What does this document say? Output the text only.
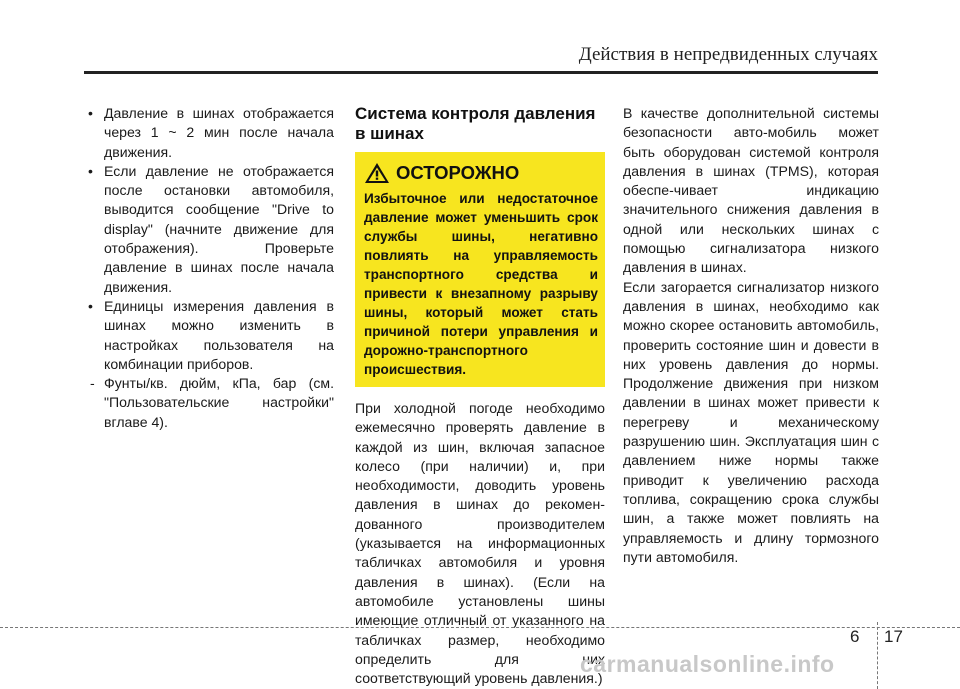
Действия в непредвиденных случаях
• Давление в шинах отображается через 1 ~ 2 мин после начала движения.
• Если давление не отображается после остановки автомобиля, выводится сообщение "Drive to display" (начните движение для отображения). Проверьте давление в шинах после начала движения.
• Единицы измерения давления в шинах можно изменить в настройках пользователя на комбинации приборов.
- Фунты/кв. дюйм, кПа, бар (см. "Пользовательские настройки" вглаве 4).
Система контроля давления в шинах
ОСТОРОЖНО
Избыточное или недостаточное давление может уменьшить срок службы шины, негативно повлиять на управляемость транспортного средства и привести к внезапному разрыву шины, который может стать причиной потери управления и дорожно-транспортного происшествия.
При холодной погоде необходимо ежемесячно проверять давление в каждой из шин, включая запасное колесо (при наличии) и, при необходимости, доводить уровень давления в шинах до рекомен-дованного производителем (указывается на информационных табличках автомобиля и уровня давления в шинах). (Если на автомобиле установлены шины имеющие отличный от указанного на табличках размер, необходимо определить для них соответствующий уровень давления.)
В качестве дополнительной системы безопасности авто-мобиль может быть оборудован системой контроля давления в шинах (TPMS), которая обеспе-чивает индикацию значительного снижения давления в одной или нескольких шинах с помощью сигнализатора низкого давления в шинах.
Если загорается сигнализатор низкого давления в шинах, необходимо как можно скорее остановить автомобиль, проверить состояние шин и довести в них уровень давления до нормы. Продолжение движения при низком давлении в шинах может привести к перегреву и механическому разрушению шин. Эксплуатация шин с давлением ниже нормы также приводит к увеличению расхода топлива, сокращению срока службы шин, а также может повлиять на управляемость и длину тормозного пути автомобиля.
6 17
carmanualsonline.info
